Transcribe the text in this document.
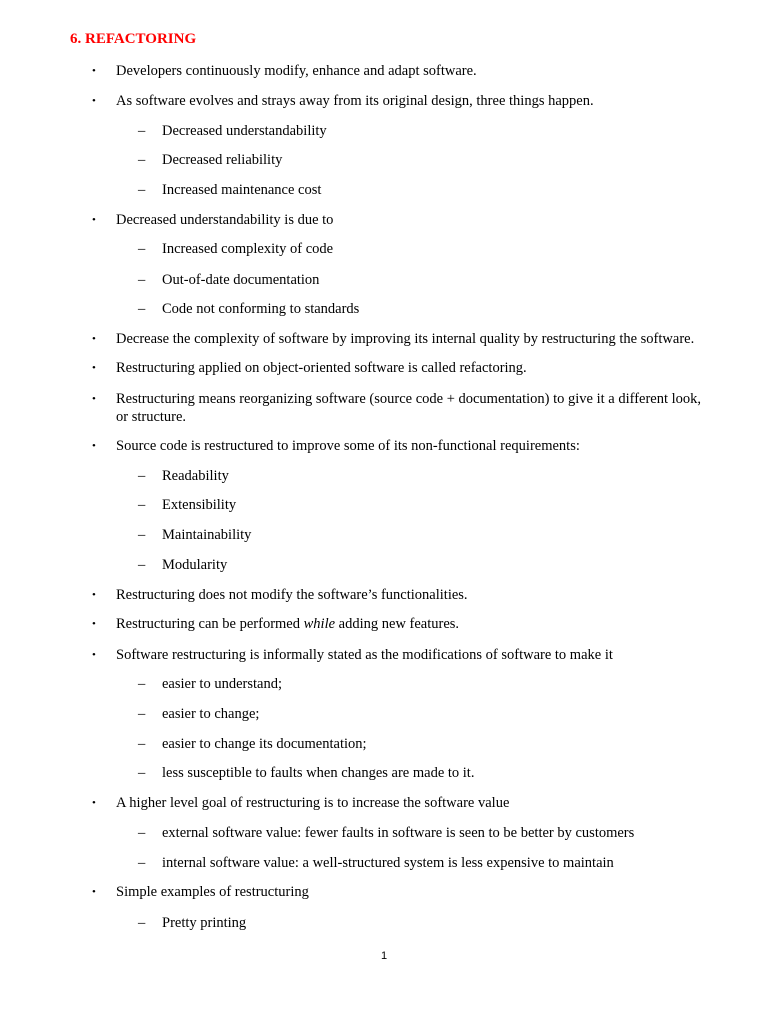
6. REFACTORING
• Developers continuously modify, enhance and adapt software.
• As software evolves and strays away from its original design, three things happen.
– Decreased understandability
– Decreased reliability
– Increased maintenance cost
• Decreased understandability is due to
– Increased complexity of code
– Out-of-date documentation
– Code not conforming to standards
• Decrease the complexity of software by improving its internal quality by restructuring the software.
• Restructuring applied on object-oriented software is called refactoring.
• Restructuring means reorganizing software (source code + documentation) to give it a different look, or structure.
• Source code is restructured to improve some of its non-functional requirements:
– Readability
– Extensibility
– Maintainability
– Modularity
• Restructuring does not modify the software’s functionalities.
• Restructuring can be performed while adding new features.
• Software restructuring is informally stated as the modifications of software to make it
– easier to understand;
– easier to change;
– easier to change its documentation;
– less susceptible to faults when changes are made to it.
• A higher level goal of restructuring is to increase the software value
– external software value: fewer faults in software is seen to be better by customers
– internal software value: a well-structured system is less expensive to maintain
• Simple examples of restructuring
– Pretty printing
1
